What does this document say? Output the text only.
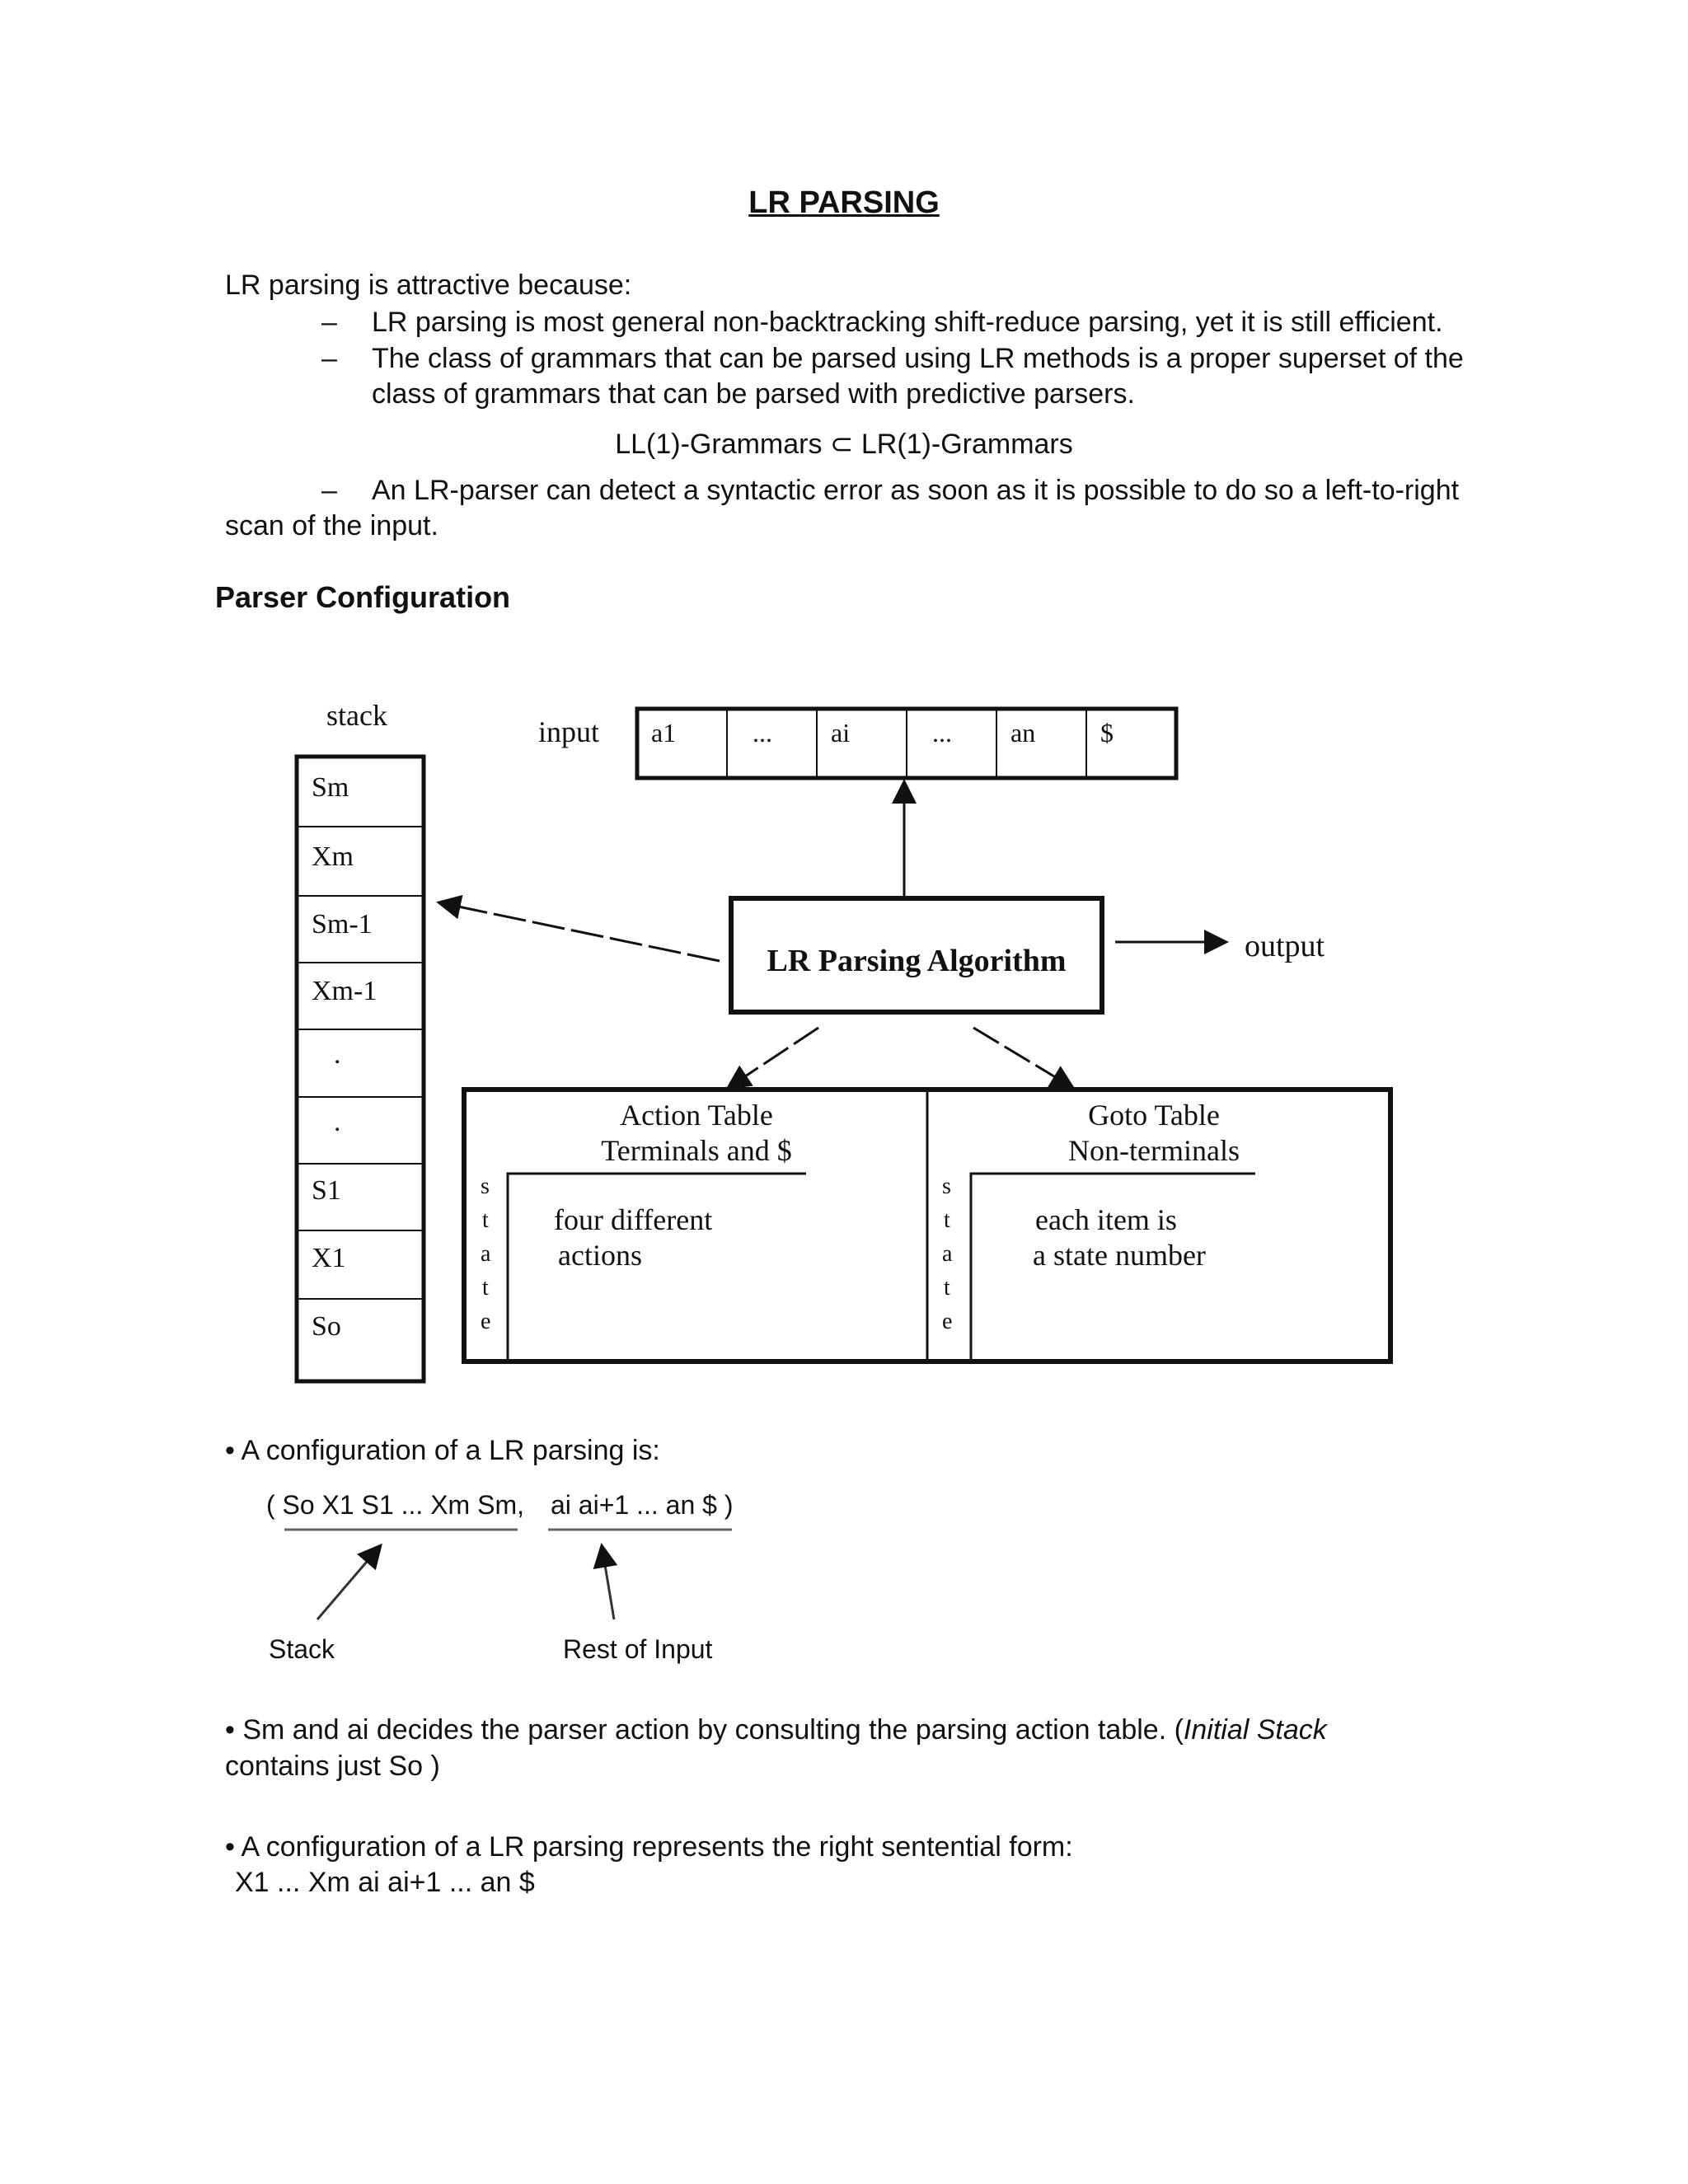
LR PARSING
LR parsing is attractive because:
– LR parsing is most general non-backtracking shift-reduce parsing, yet it is still efficient.
– The class of grammars that can be parsed using LR methods is a proper superset of the
class of grammars that can be parsed with predictive parsers.
LL(1)-Grammars ⊂ LR(1)-Grammars
– An LR-parser can detect a syntactic error as soon as it is possible to do so a left-to-right
scan of the input.
Parser Configuration
stack
Sm
Xm
Sm-1
Xm-1
.
.
S1
X1
So
input a1	... ai	... an $
LR Parsing Algorithm	output
Action Table
Terminals and $
four different
actions
s
t
a
t
e
Goto Table
Non-terminals
each item is
a state number
s
t
a
t
e
• A configuration of a LR parsing is:
( So X1 S1 ... Xm Sm, ai ai+1 ... an $ )
Stack	Rest of Input
• Sm and ai decides the parser action by consulting the parsing action table. (Initial Stack
contains just So )
• A configuration of a LR parsing represents the right sentential form:
X1 ... Xm ai ai+1 ... an $
